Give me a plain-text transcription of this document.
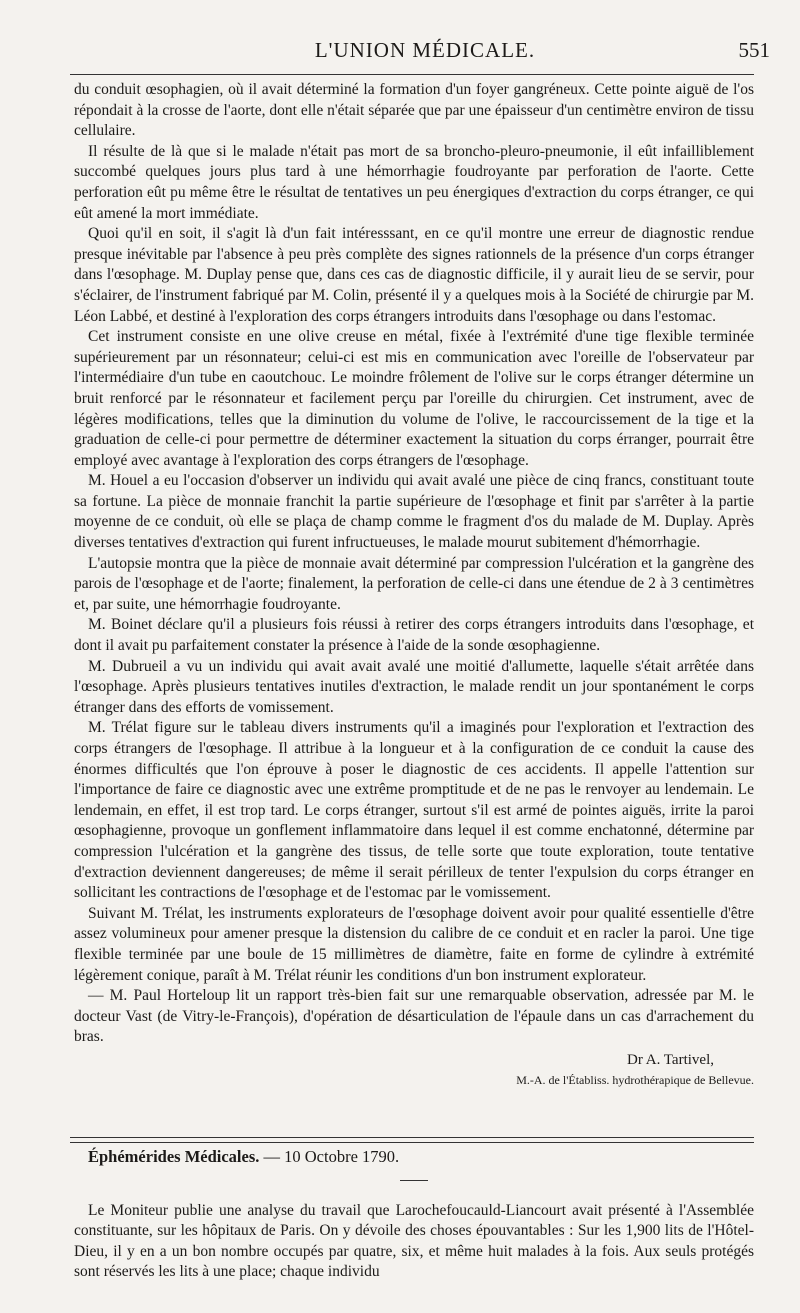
L'UNION MÉDICALE.	551

du conduit œsophagien, où il avait déterminé la formation d'un foyer gangréneux. Cette pointe aiguë de l'os répondait à la crosse de l'aorte, dont elle n'était séparée que par une épaisseur d'un centimètre environ de tissu cellulaire.

Il résulte de là que si le malade n'était pas mort de sa broncho-pleuro-pneumonie, il eût infailliblement succombé quelques jours plus tard à une hémorrhagie foudroyante par perforation de l'aorte. Cette perforation eût pu même être le résultat de tentatives un peu énergiques d'extraction du corps étranger, ce qui eût amené la mort immédiate.

Quoi qu'il en soit, il s'agit là d'un fait intéresssant, en ce qu'il montre une erreur de diagnostic rendue presque inévitable par l'absence à peu près complète des signes rationnels de la présence d'un corps étranger dans l'œsophage. M. Duplay pense que, dans ces cas de diagnostic difficile, il y aurait lieu de se servir, pour s'éclairer, de l'instrument fabriqué par M. Colin, présenté il y a quelques mois à la Société de chirurgie par M. Léon Labbé, et destiné à l'exploration des corps étrangers introduits dans l'œsophage ou dans l'estomac.

Cet instrument consiste en une olive creuse en métal, fixée à l'extrémité d'une tige flexible terminée supérieurement par un résonnateur; celui-ci est mis en communication avec l'oreille de l'observateur par l'intermédiaire d'un tube en caoutchouc. Le moindre frôlement de l'olive sur le corps étranger détermine un bruit renforcé par le résonnateur et facilement perçu par l'oreille du chirurgien. Cet instrument, avec de légères modifications, telles que la diminution du volume de l'olive, le raccourcissement de la tige et la graduation de celle-ci pour permettre de déterminer exactement la situation du corps érranger, pourrait être employé avec avantage à l'exploration des corps étrangers de l'œsophage.

M. Houel a eu l'occasion d'observer un individu qui avait avalé une pièce de cinq francs, constituant toute sa fortune. La pièce de monnaie franchit la partie supérieure de l'œsophage et finit par s'arrêter à la partie moyenne de ce conduit, où elle se plaça de champ comme le fragment d'os du malade de M. Duplay. Après diverses tentatives d'extraction qui furent infructueuses, le malade mourut subitement d'hémorrhagie.

L'autopsie montra que la pièce de monnaie avait déterminé par compression l'ulcération et la gangrène des parois de l'œsophage et de l'aorte; finalement, la perforation de celle-ci dans une étendue de 2 à 3 centimètres et, par suite, une hémorrhagie foudroyante.

M. Boinet déclare qu'il a plusieurs fois réussi à retirer des corps étrangers introduits dans l'œsophage, et dont il avait pu parfaitement constater la présence à l'aide de la sonde œsophagienne.

M. Dubrueil a vu un individu qui avait avait avalé une moitié d'allumette, laquelle s'était arrêtée dans l'œsophage. Après plusieurs tentatives inutiles d'extraction, le malade rendit un jour spontanément le corps étranger dans des efforts de vomissement.

M. Trélat figure sur le tableau divers instruments qu'il a imaginés pour l'exploration et l'extraction des corps étrangers de l'œsophage. Il attribue à la longueur et à la configuration de ce conduit la cause des énormes difficultés que l'on éprouve à poser le diagnostic de ces accidents. Il appelle l'attention sur l'importance de faire ce diagnostic avec une extrême promptitude et de ne pas le renvoyer au lendemain. Le lendemain, en effet, il est trop tard. Le corps étranger, surtout s'il est armé de pointes aiguës, irrite la paroi œsophagienne, provoque un gonflement inflammatoire dans lequel il est comme enchatonné, détermine par compression l'ulcération et la gangrène des tissus, de telle sorte que toute exploration, toute tentative d'extraction deviennent dangereuses; de même il serait périlleux de tenter l'expulsion du corps étranger en sollicitant les contractions de l'œsophage et de l'estomac par le vomissement.

Suivant M. Trélat, les instruments explorateurs de l'œsophage doivent avoir pour qualité essentielle d'être assez volumineux pour amener presque la distension du calibre de ce conduit et en racler la paroi. Une tige flexible terminée par une boule de 15 millimètres de diamètre, faite en forme de cylindre à extrémité légèrement conique, paraît à M. Trélat réunir les conditions d'un bon instrument explorateur.

— M. Paul Horteloup lit un rapport très-bien fait sur une remarquable observation, adressée par M. le docteur Vast (de Vitry-le-François), d'opération de désarticulation de l'épaule dans un cas d'arrachement du bras.

Dr A. Tartivel,
M.-A. de l'Établiss. hydrothérapique de Bellevue.

Éphémérides Médicales. — 10 Octobre 1790.

Le Moniteur publie une analyse du travail que Larochefoucauld-Liancourt avait présenté à l'Assemblée constituante, sur les hôpitaux de Paris. On y dévoile des choses épouvantables : Sur les 1,900 lits de l'Hôtel-Dieu, il y en a un bon nombre occupés par quatre, six, et même huit malades à la fois. Aux seuls protégés sont réservés les lits à une place; chaque individu
